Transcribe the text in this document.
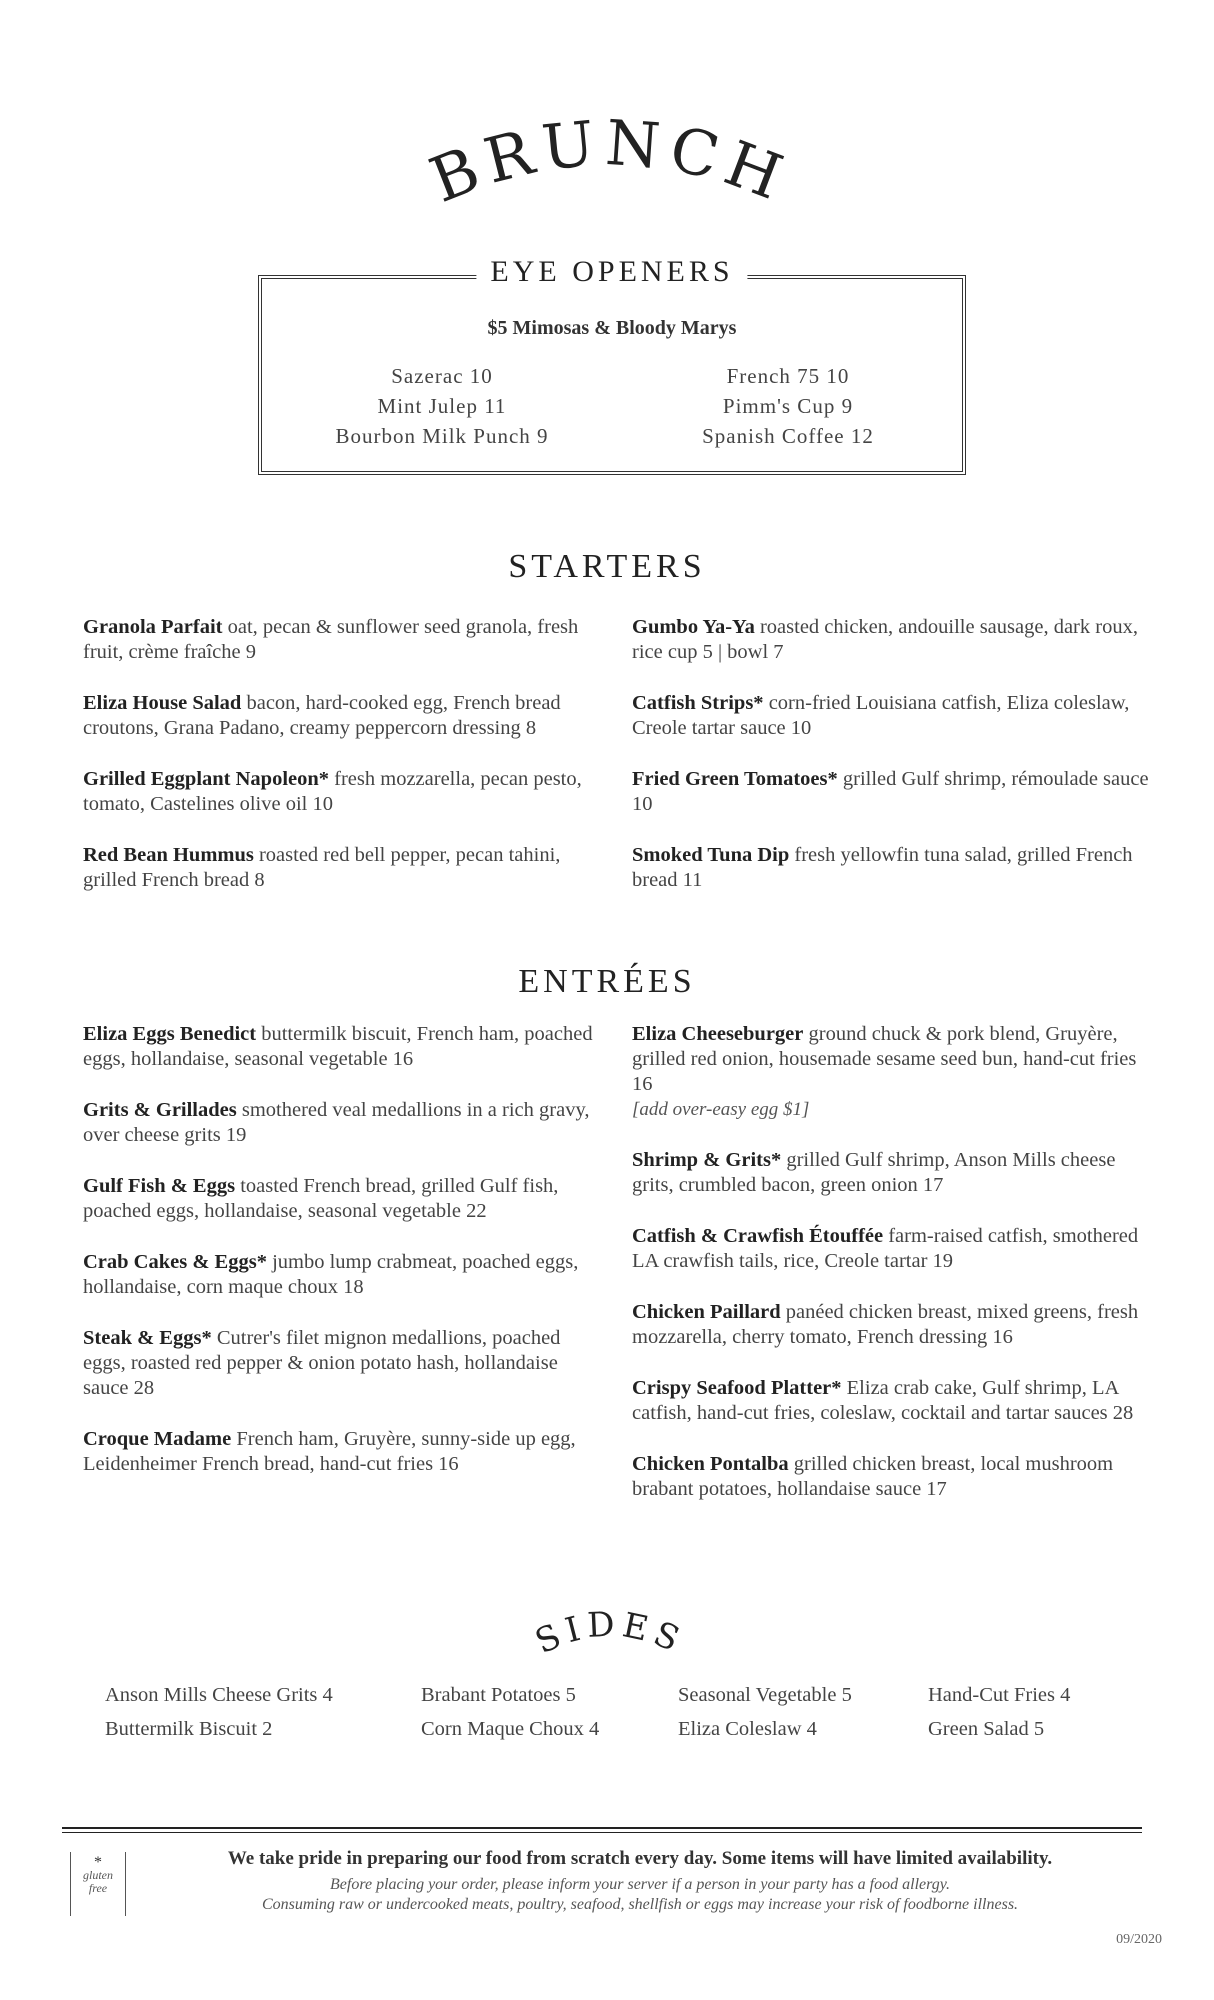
BRUNCH
EYE OPENERS
$5 Mimosas & Bloody Marys
Sazerac 10
Mint Julep 11
Bourbon Milk Punch 9
French 75 10
Pimm's Cup 9
Spanish Coffee 12
STARTERS
Granola Parfait oat, pecan & sunflower seed granola, fresh fruit, crème fraîche 9
Eliza House Salad bacon, hard-cooked egg, French bread croutons, Grana Padano, creamy peppercorn dressing 8
Grilled Eggplant Napoleon* fresh mozzarella, pecan pesto, tomato, Castelines olive oil 10
Red Bean Hummus roasted red bell pepper, pecan tahini, grilled French bread 8
Gumbo Ya-Ya roasted chicken, andouille sausage, dark roux, rice cup 5 | bowl 7
Catfish Strips* corn-fried Louisiana catfish, Eliza coleslaw, Creole tartar sauce 10
Fried Green Tomatoes* grilled Gulf shrimp, rémoulade sauce 10
Smoked Tuna Dip fresh yellowfin tuna salad, grilled French bread 11
ENTRÉES
Eliza Eggs Benedict buttermilk biscuit, French ham, poached eggs, hollandaise, seasonal vegetable 16
Grits & Grillades smothered veal medallions in a rich gravy, over cheese grits 19
Gulf Fish & Eggs toasted French bread, grilled Gulf fish, poached eggs, hollandaise, seasonal vegetable 22
Crab Cakes & Eggs* jumbo lump crabmeat, poached eggs, hollandaise, corn maque choux 18
Steak & Eggs* Cutrer's filet mignon medallions, poached eggs, roasted red pepper & onion potato hash, hollandaise sauce 28
Croque Madame French ham, Gruyère, sunny-side up egg, Leidenheimer French bread, hand-cut fries 16
Eliza Cheeseburger ground chuck & pork blend, Gruyère, grilled red onion, housemade sesame seed bun, hand-cut fries 16
[add over-easy egg $1]
Shrimp & Grits* grilled Gulf shrimp, Anson Mills cheese grits, crumbled bacon, green onion 17
Catfish & Crawfish Étouffée farm-raised catfish, smothered LA crawfish tails, rice, Creole tartar 19
Chicken Paillard panéed chicken breast, mixed greens, fresh mozzarella, cherry tomato, French dressing 16
Crispy Seafood Platter* Eliza crab cake, Gulf shrimp, LA catfish, hand-cut fries, coleslaw, cocktail and tartar sauces 28
Chicken Pontalba grilled chicken breast, local mushroom brabant potatoes, hollandaise sauce 17
SIDES
Anson Mills Cheese Grits 4
Buttermilk Biscuit 2
Brabant Potatoes 5
Corn Maque Choux 4
Seasonal Vegetable 5
Eliza Coleslaw 4
Hand-Cut Fries 4
Green Salad 5
*
gluten
free
We take pride in preparing our food from scratch every day. Some items will have limited availability.
Before placing your order, please inform your server if a person in your party has a food allergy.
Consuming raw or undercooked meats, poultry, seafood, shellfish or eggs may increase your risk of foodborne illness.
09/2020
